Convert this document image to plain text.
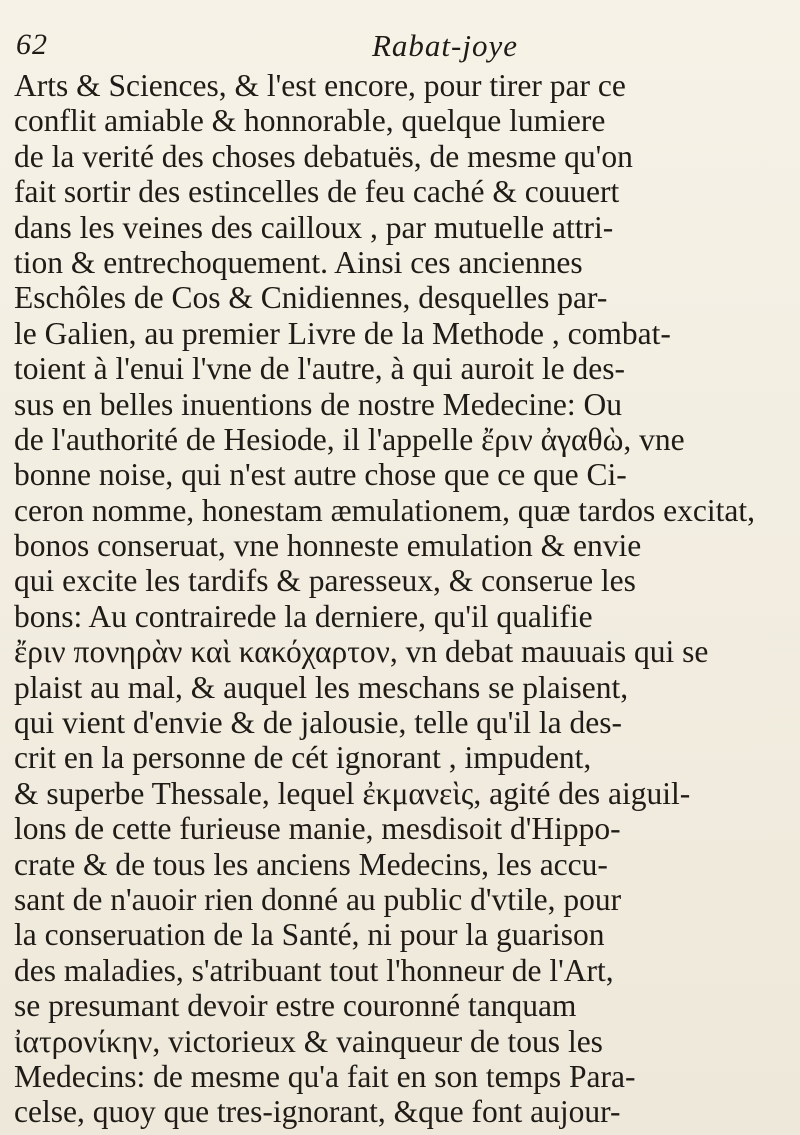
62	Rabat-joye
Arts & Sciences, & l'est encore, pour tirer par ce
conflit amiable & honnorable, quelque lumiere
de la verité des choses debatuës, de mesme qu'on
fait sortir des estincelles de feu caché & couuert
dans les veines des cailloux , par mutuelle attri-
tion & entrechoquement. Ainsi ces anciennes
Eschôles de Cos & Cnidiennes, desquelles par-
le Galien, au premier Livre de la Methode , combat-
toient à l'enui l'vne de l'autre, à qui auroit le des-
sus en belles inuentions de nostre Medecine: Ou
de l'authorité de Hesiode, il l'appelle ἔριν ἀγαθὼ, vne
bonne noise, qui n'est autre chose que ce que Ci-
ceron nomme, honestam æmulationem, quæ tardos excitat,
bonos conseruat, vne honneste emulation & envie
qui excite les tardifs & paresseux, & conserue les
bons: Au contrairede la derniere, qu'il qualifie
ἔριν πονηρὰν καὶ κακόχαρτον, vn debat mauuais qui se
plaist au mal, & auquel les meschans se plaisent,
qui vient d'envie & de jalousie, telle qu'il la des-
crit en la personne de cét ignorant , impudent,
& superbe Thessale, lequel ἐκμανεὶς, agité des aiguil-
lons de cette furieuse manie, mesdisoit d'Hippo-
crate & de tous les anciens Medecins, les accu-
sant de n'auoir rien donné au public d'vtile, pour
la conseruation de la Santé, ni pour la guarison
des maladies, s'atribuant tout l'honneur de l'Art,
se presumant devoir estre couronné tanquam
ἰατρονίκην, victorieux & vainqueur de tous les
Medecins: de mesme qu'a fait en son temps Para-
celse, quoy que tres-ignorant, &que font aujour-
